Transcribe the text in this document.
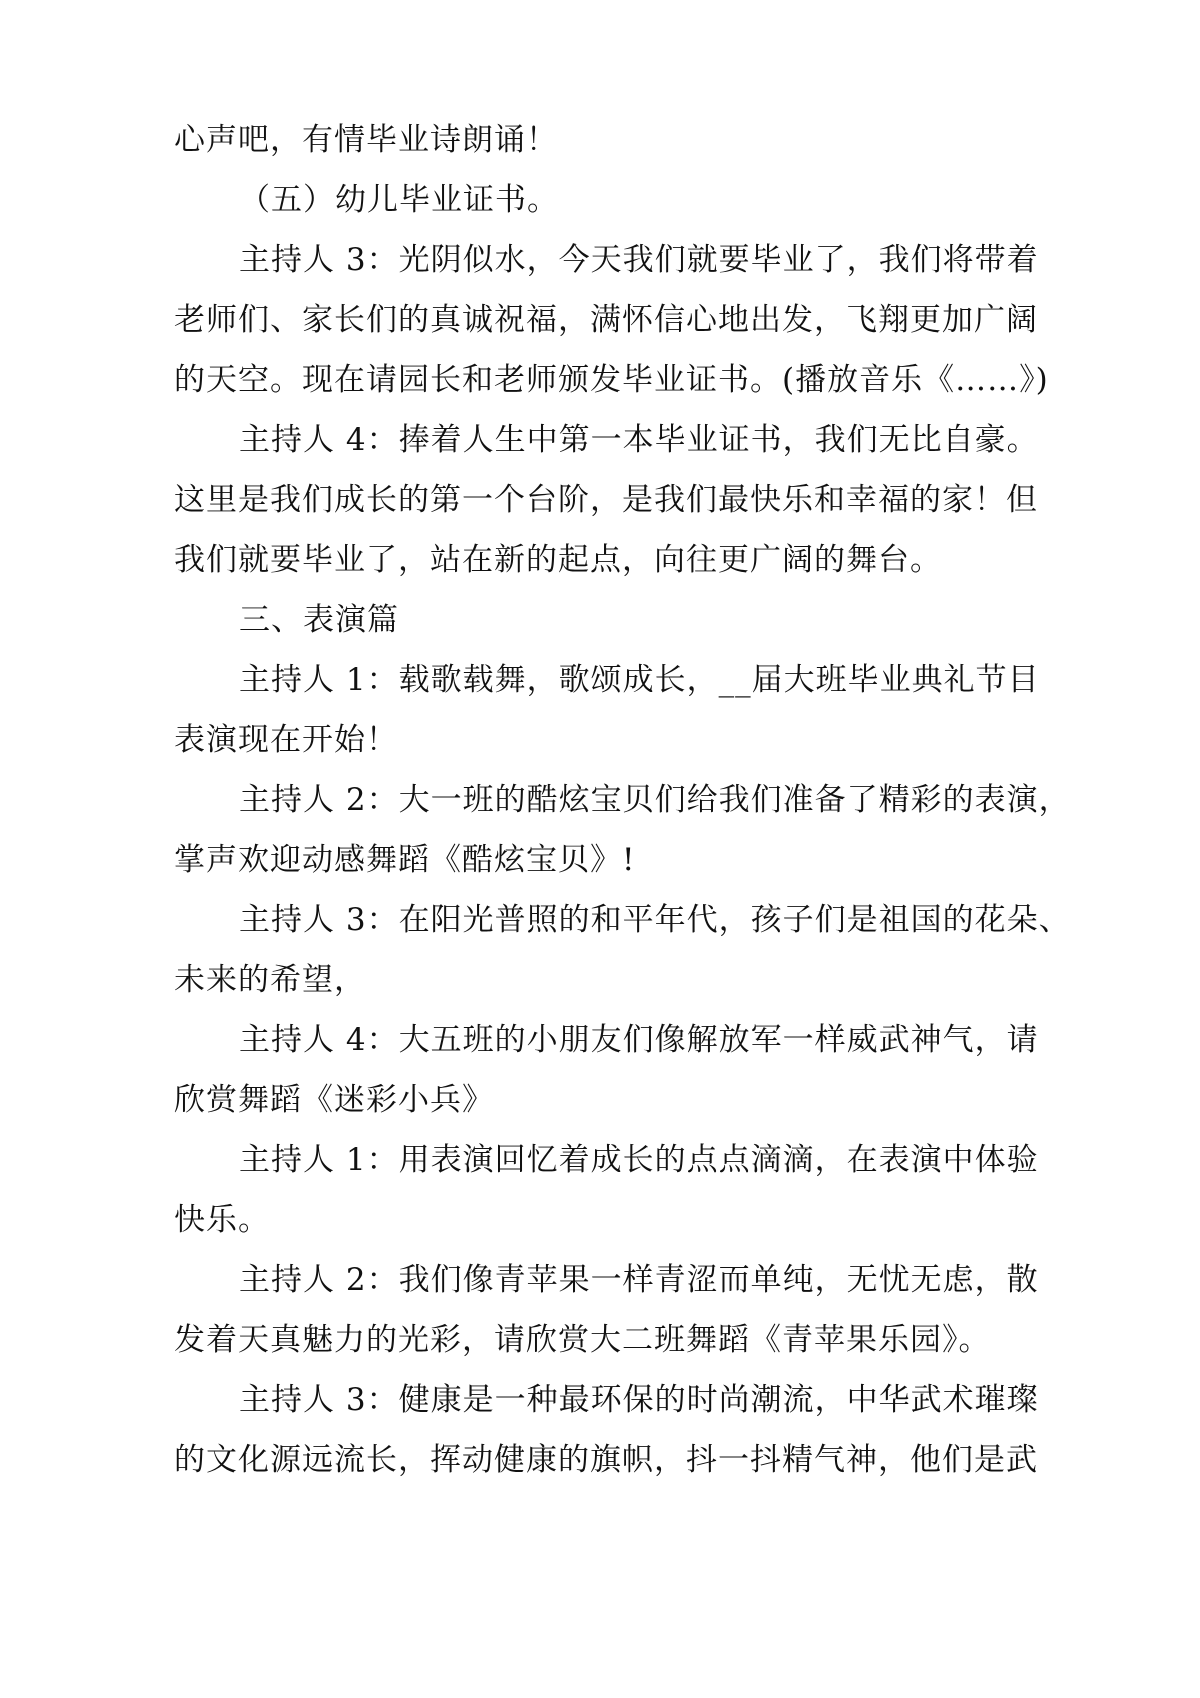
心声吧，有情毕业诗朗诵！

（五）幼儿毕业证书。

主持人 3：光阴似水，今天我们就要毕业了，我们将带着

老师们、家长们的真诚祝福，满怀信心地出发，飞翔更加广阔

的天空。现在请园长和老师颁发毕业证书。(播放音乐《……》)

主持人 4：捧着人生中第一本毕业证书，我们无比自豪。

这里是我们成长的第一个台阶，是我们最快乐和幸福的家！但

我们就要毕业了，站在新的起点，向往更广阔的舞台。

三、表演篇

主持人 1：载歌载舞，歌颂成长，__届大班毕业典礼节目

表演现在开始！

主持人 2：大一班的酷炫宝贝们给我们准备了精彩的表演，

掌声欢迎动感舞蹈《酷炫宝贝》!

主持人 3：在阳光普照的和平年代，孩子们是祖国的花朵、

未来的希望，

主持人 4：大五班的小朋友们像解放军一样威武神气，请

欣赏舞蹈《迷彩小兵》

主持人 1：用表演回忆着成长的点点滴滴，在表演中体验

快乐。

主持人 2：我们像青苹果一样青涩而单纯，无忧无虑，散

发着天真魅力的光彩，请欣赏大二班舞蹈《青苹果乐园》。

主持人 3：健康是一种最环保的时尚潮流，中华武术璀璨

的文化源远流长，挥动健康的旗帜，抖一抖精气神，他们是武
